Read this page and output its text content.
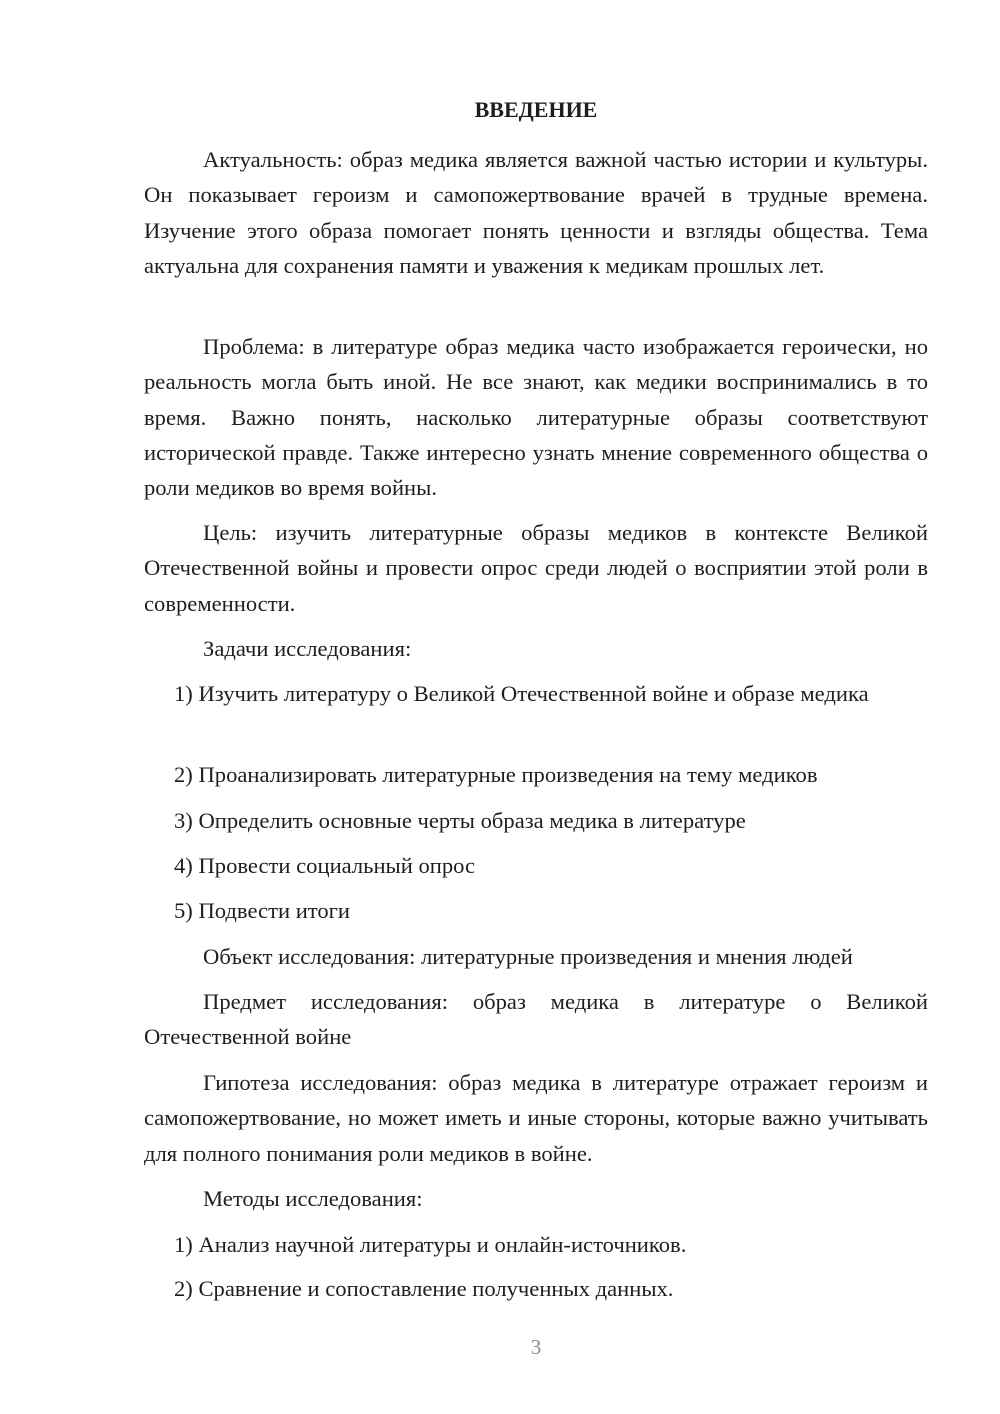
ВВЕДЕНИЕ

Актуальность: образ медика является важной частью истории и культуры. Он показывает героизм и самопожертвование врачей в трудные времена. Изучение этого образа помогает понять ценности и взгляды общества. Тема актуальна для сохранения памяти и уважения к медикам прошлых лет.

Проблема: в литературе образ медика часто изображается героически, но реальность могла быть иной. Не все знают, как медики воспринимались в то время. Важно понять, насколько литературные образы соответствуют исторической правде. Также интересно узнать мнение современного общества о роли медиков во время войны.

Цель: изучить литературные образы медиков в контексте Великой Отечественной войны и провести опрос среди людей о восприятии этой роли в современности.

Задачи исследования:

1) Изучить литературу о Великой Отечественной войне и образе медика

2) Проанализировать литературные произведения на тему медиков

3) Определить основные черты образа медика в литературе

4) Провести социальный опрос

5) Подвести итоги

Объект исследования: литературные произведения и мнения людей

Предмет исследования: образ медика в литературе о Великой Отечественной войне

Гипотеза исследования: образ медика в литературе отражает героизм и самопожертвование, но может иметь и иные стороны, которые важно учитывать для полного понимания роли медиков в войне.

Методы исследования:

1) Анализ научной литературы и онлайн-источников.

2) Сравнение и сопоставление полученных данных.

3
